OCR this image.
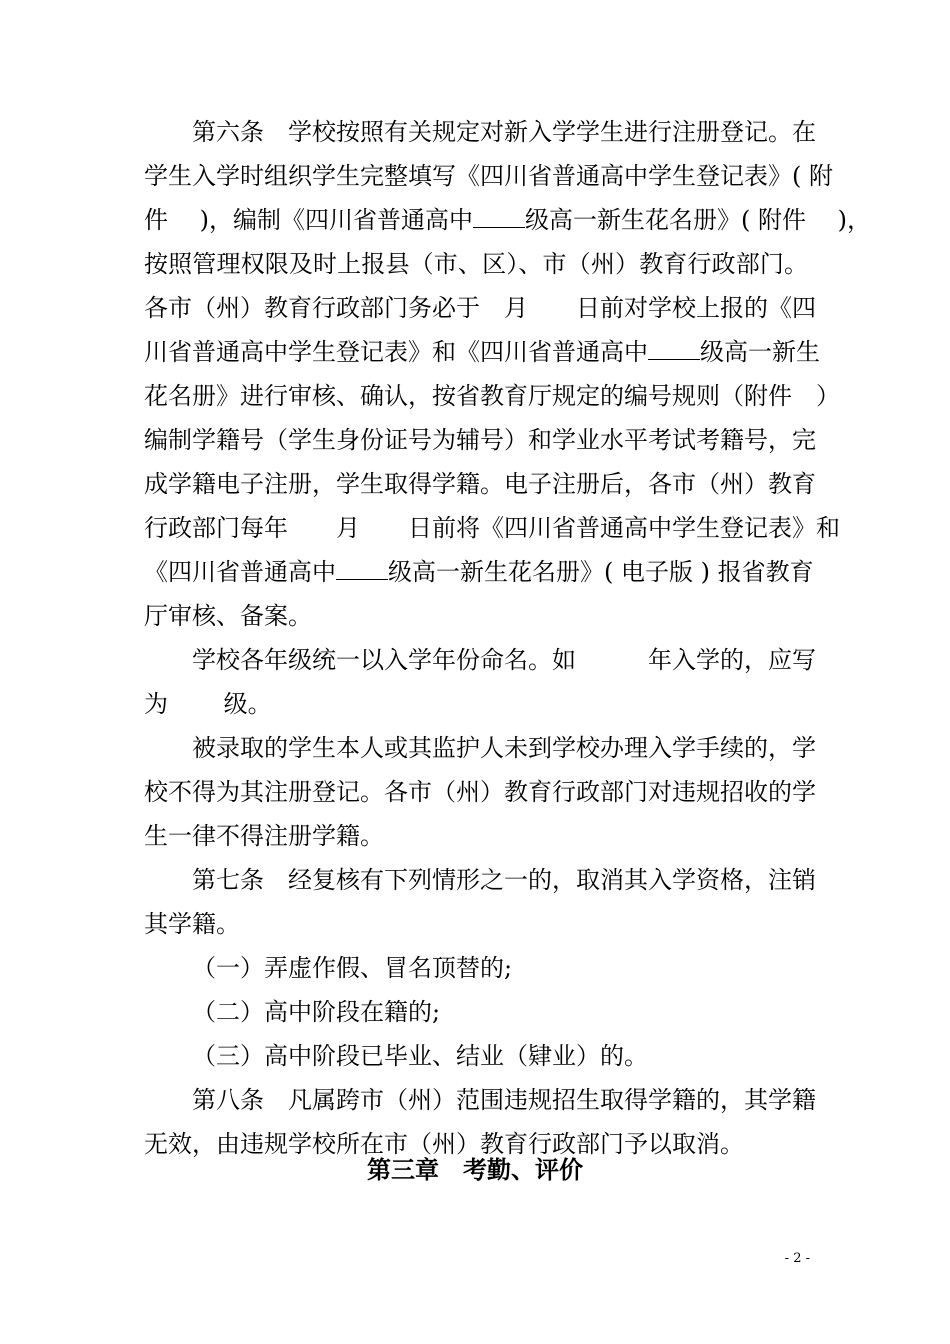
第六条　学校按照有关规定对新入学学生进行注册登记。在
学生入学时组织学生完整填写《四川省普通高中学生登记表》( 附
件　 )，编制《四川省普通高中 级高一新生花名册》( 附件　 )，
按照管理权限及时上报县（市、区）、市（州）教育行政部门。
各市（州）教育行政部门务必于　月　　日前对学校上报的《四
川省普通高中学生登记表》和《四川省普通高中 级高一新生
花名册》进行审核、确认，按省教育厅规定的编号规则（附件　）
编制学籍号（学生身份证号为辅号）和学业水平考试考籍号，完
成学籍电子注册，学生取得学籍。电子注册后，各市（州）教育
行政部门每年　　月　　日前将《四川省普通高中学生登记表》和
《四川省普通高中 级高一新生花名册》( 电子版 ) 报省教育
厅审核、备案。
学校各年级统一以入学年份命名。如　　　年入学的，应写
为　　 级。
被录取的学生本人或其监护人未到学校办理入学手续的，学
校不得为其注册登记。各市（州）教育行政部门对违规招收的学
生一律不得注册学籍。
第七条　经复核有下列情形之一的，取消其入学资格，注销
其学籍。
（一）弄虚作假、冒名顶替的;
（二）高中阶段在籍的;
（三）高中阶段已毕业、结业（肄业）的。
第八条　凡属跨市（州）范围违规招生取得学籍的，其学籍
无效，由违规学校所在市（州）教育行政部门予以取消。
第三章　考勤、评价
- 2 -
